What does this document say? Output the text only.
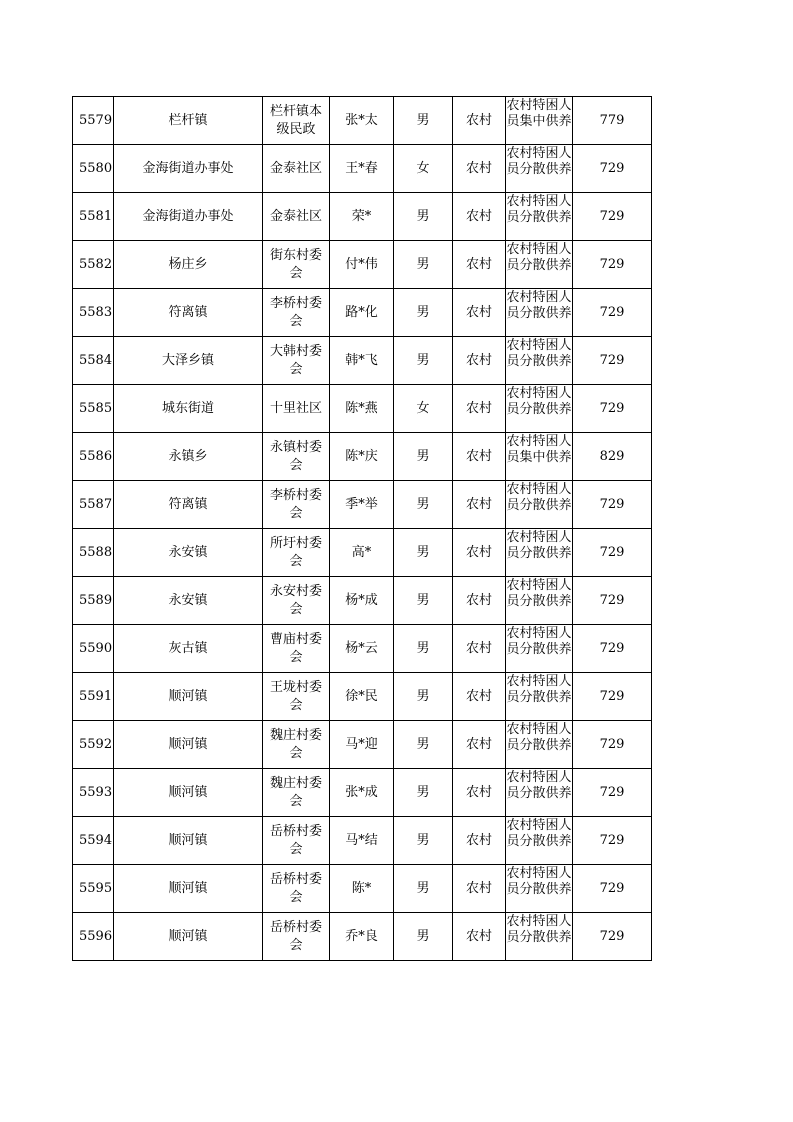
5579	栏杆镇	栏杆镇本级民政	张*太	男	农村	农村特困人员集中供养	779

5580	金海街道办事处	金泰社区	王*春	女	农村	农村特困人员分散供养	729

5581	金海街道办事处	金泰社区	荣*	男	农村	农村特困人员分散供养	729

5582	杨庄乡	街东村委会	付*伟	男	农村	农村特困人员分散供养	729

5583	符离镇	李桥村委会	路*化	男	农村	农村特困人员分散供养	729

5584	大泽乡镇	大韩村委会	韩*飞	男	农村	农村特困人员分散供养	729

5585	城东街道	十里社区	陈*燕	女	农村	农村特困人员分散供养	729

5586	永镇乡	永镇村委会	陈*庆	男	农村	农村特困人员集中供养	829

5587	符离镇	李桥村委会	季*举	男	农村	农村特困人员分散供养	729

5588	永安镇	所圩村委会	高*	男	农村	农村特困人员分散供养	729

5589	永安镇	永安村委会	杨*成	男	农村	农村特困人员分散供养	729

5590	灰古镇	曹庙村委会	杨*云	男	农村	农村特困人员分散供养	729

5591	顺河镇	王垅村委会	徐*民	男	农村	农村特困人员分散供养	729

5592	顺河镇	魏庄村委会	马*迎	男	农村	农村特困人员分散供养	729

5593	顺河镇	魏庄村委会	张*成	男	农村	农村特困人员分散供养	729

5594	顺河镇	岳桥村委会	马*结	男	农村	农村特困人员分散供养	729

5595	顺河镇	岳桥村委会	陈*	男	农村	农村特困人员分散供养	729

5596	顺河镇	岳桥村委会	乔*良	男	农村	农村特困人员分散供养	729
